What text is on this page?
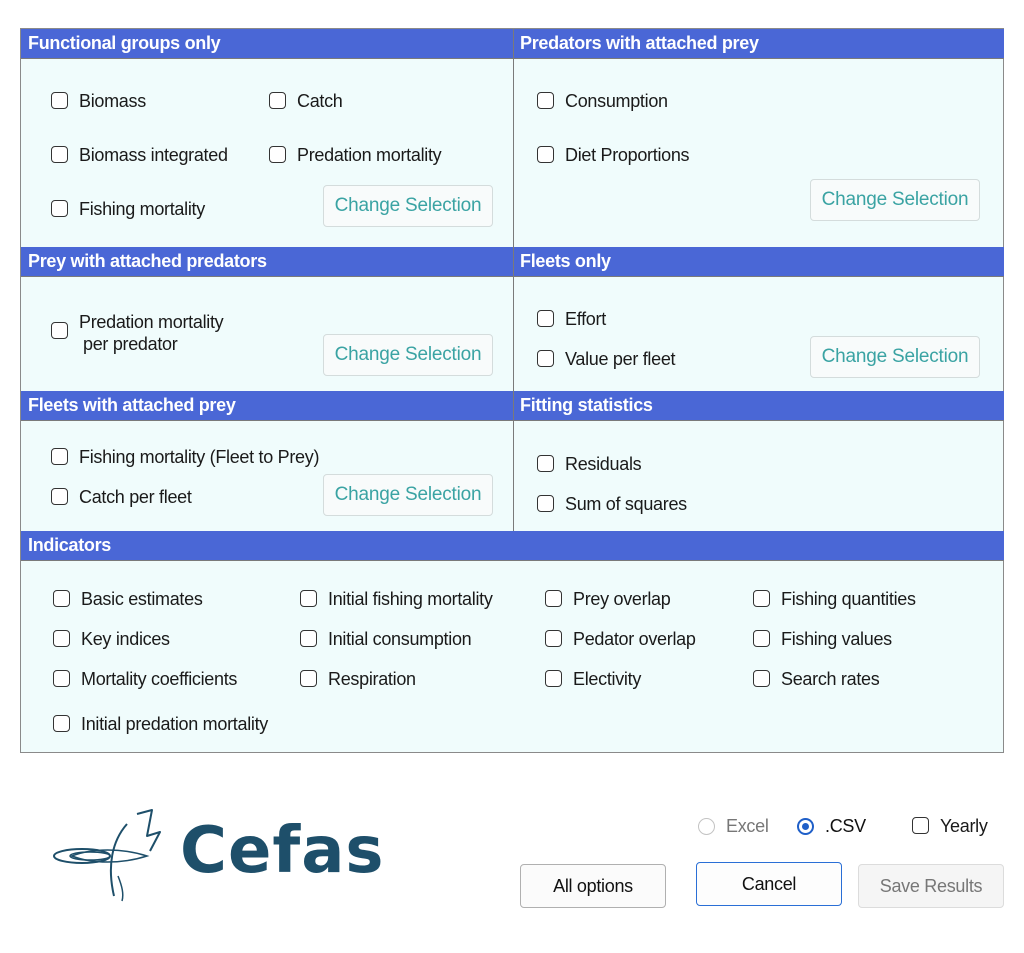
Functional groups only	Predators with attached prey
Prey with attached predators	Fleets only
Fleets with attached prey	Fitting statistics
Indicators
Biomass	Catch
Biomass integrated	Predation mortality
Fishing mortality	Change Selection
Consumption
Diet Proportions
Change Selection
Predation mortality
per predator	Change Selection
Effort
Value per fleet	Change Selection
Fishing mortality (Fleet to Prey)
Catch per fleet	Change Selection
Residuals
Sum of squares
Basic estimates	Initial fishing mortality	Prey overlap	Fishing quantities
Key indices	Initial consumption	Pedator overlap	Fishing values
Mortality coefficients	Respiration	Electivity	Search rates
Initial predation mortality
Cefas	Excel	.CSV	Yearly
All options	Cancel	Save Results
